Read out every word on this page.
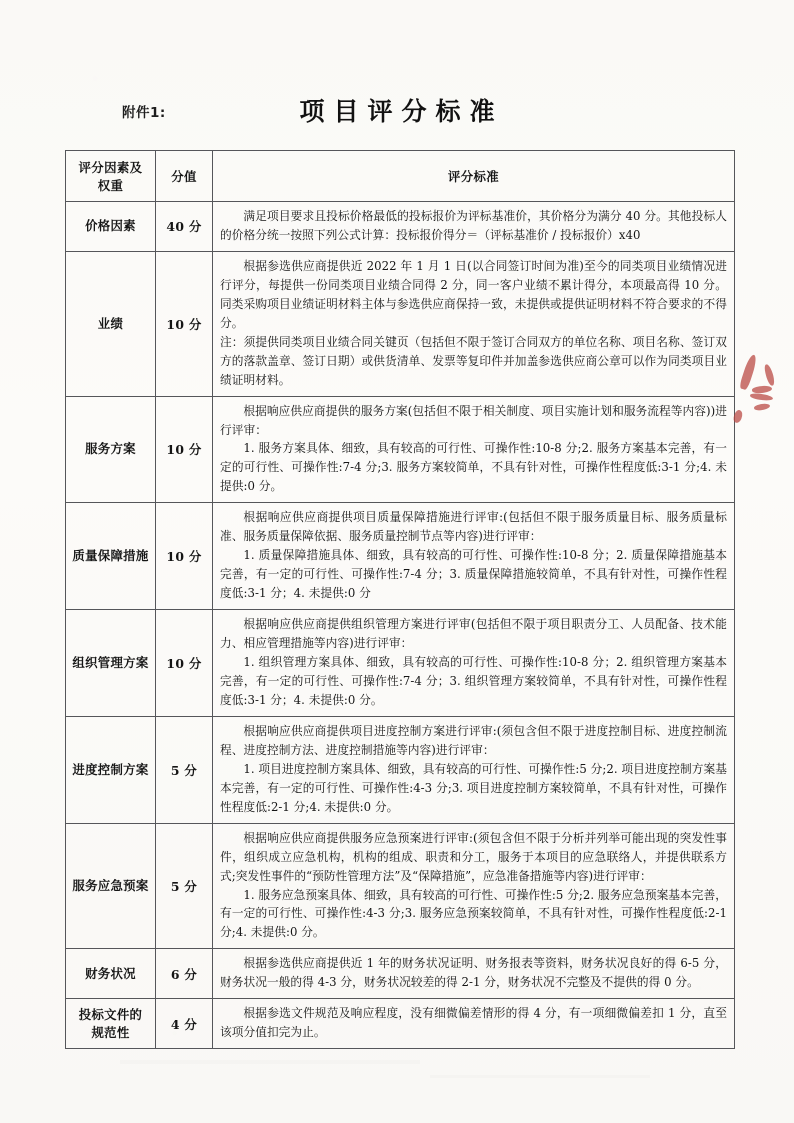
附件1:	项目评分标准
评分因素及
权重	分值	评分标准
价格因素	40 分	满足项目要求且投标价格最低的投标报价为评标基准价，其价格分为满分 40 分。其他投标人的价格分统一按照下列公式计算：投标报价得分＝（评标基准价 / 投标报价）x40

业绩	10 分	根据参选供应商提供近 2022 年 1 月 1 日(以合同签订时间为准)至今的同类项目业绩情况进行评分，每提供一份同类项目业绩合同得 2 分，同一客户业绩不累计得分，本项最高得 10 分。同类采购项目业绩证明材料主体与参选供应商保持一致，未提供或提供证明材料不符合要求的不得分。

注：须提供同类项目业绩合同关键页（包括但不限于签订合同双方的单位名称、项目名称、签订双方的落款盖章、签订日期）或供货清单、发票等复印件并加盖参选供应商公章可以作为同类项目业绩证明材料。

服务方案	10 分	根据响应供应商提供的服务方案(包括但不限于相关制度、项目实施计划和服务流程等内容))进行评审：

1. 服务方案具体、细致，具有较高的可行性、可操作性:10-8 分;2. 服务方案基本完善，有一定的可行性、可操作性:7-4 分;3. 服务方案较简单，不具有针对性，可操作性程度低:3-1 分;4. 未提供:0 分。

质量保障措施	10 分	根据响应供应商提供项目质量保障措施进行评审:(包括但不限于服务质量目标、服务质量标准、服务质量保障依据、服务质量控制节点等内容)进行评审：

1. 质量保障措施具体、细致，具有较高的可行性、可操作性:10-8 分；2. 质量保障措施基本完善，有一定的可行性、可操作性:7-4 分；3. 质量保障措施较简单，不具有针对性，可操作性程度低:3-1 分；4. 未提供:0 分

组织管理方案	10 分	根据响应供应商提供组织管理方案进行评审(包括但不限于项目职责分工、人员配备、技术能力、相应管理措施等内容)进行评审：

1. 组织管理方案具体、细致，具有较高的可行性、可操作性:10-8 分；2. 组织管理方案基本完善，有一定的可行性、可操作性:7-4 分；3. 组织管理方案较简单，不具有针对性，可操作性程度低:3-1 分；4. 未提供:0 分。

进度控制方案	5 分	根据响应供应商提供项目进度控制方案进行评审:(须包含但不限于进度控制目标、进度控制流程、进度控制方法、进度控制措施等内容)进行评审：

1. 项目进度控制方案具体、细致，具有较高的可行性、可操作性:5 分;2. 项目进度控制方案基本完善，有一定的可行性、可操作性:4-3 分;3. 项目进度控制方案较简单，不具有针对性，可操作性程度低:2-1 分;4. 未提供:0 分。

服务应急预案	5 分	根据响应供应商提供服务应急预案进行评审:(须包含但不限于分析并列举可能出现的突发性事件，组织成立应急机构，机构的组成、职责和分工，服务于本项目的应急联络人，并提供联系方式;突发性事件的“预防性管理方法”及“保障措施”，应急准备措施等内容)进行评审：

1. 服务应急预案具体、细致，具有较高的可行性、可操作性:5 分;2. 服务应急预案基本完善，有一定的可行性、可操作性:4-3 分;3. 服务应急预案较简单，不具有针对性，可操作性程度低:2-1 分;4. 未提供:0 分。

财务状况	6 分	根据参选供应商提供近 1 年的财务状况证明、财务报表等资料，财务状况良好的得 6-5 分，财务状况一般的得 4-3 分，财务状况较差的得 2-1 分，财务状况不完整及不提供的得 0 分。

投标文件的
规范性	4 分	根据参选文件规范及响应程度，没有细微偏差情形的得 4 分，有一项细微偏差扣 1 分，直至该项分值扣完为止。
